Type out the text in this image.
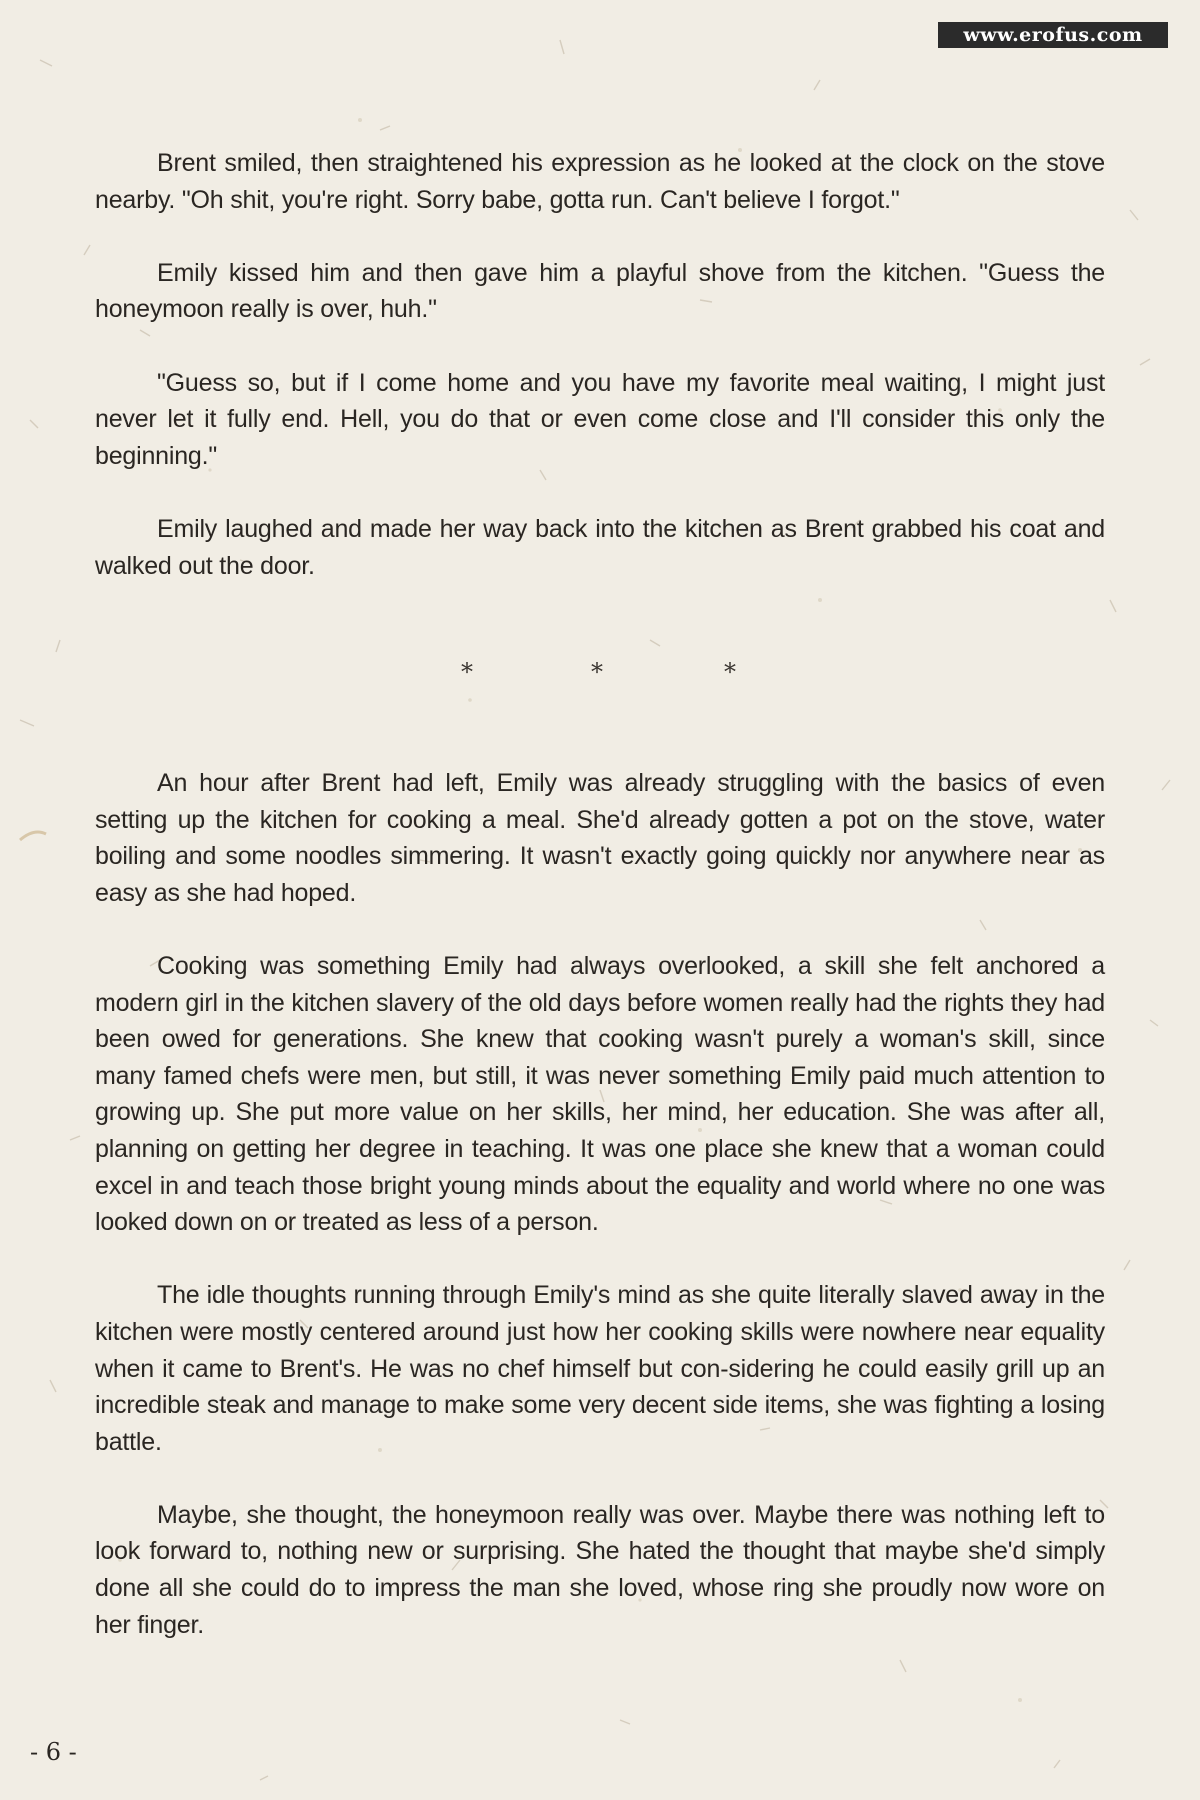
www.erofus.com

Brent smiled, then straightened his expression as he looked at the clock on the stove nearby. "Oh shit, you're right. Sorry babe, gotta run. Can't believe I forgot."

Emily kissed him and then gave him a playful shove from the kitchen. "Guess the honeymoon really is over, huh."

"Guess so, but if I come home and you have my favorite meal waiting, I might just never let it fully end. Hell, you do that or even come close and I'll consider this only the beginning."

Emily laughed and made her way back into the kitchen as Brent grabbed his coat and walked out the door.

*	*	*

An hour after Brent had left, Emily was already struggling with the basics of even setting up the kitchen for cooking a meal. She'd already gotten a pot on the stove, water boiling and some noodles simmering. It wasn't exactly going quickly nor anywhere near as easy as she had hoped.

Cooking was something Emily had always overlooked, a skill she felt anchored a modern girl in the kitchen slavery of the old days before women really had the rights they had been owed for generations. She knew that cooking wasn't purely a woman's skill, since many famed chefs were men, but still, it was never something Emily paid much attention to growing up. She put more value on her skills, her mind, her education. She was after all, planning on getting her degree in teaching. It was one place she knew that a woman could excel in and teach those bright young minds about the equality and world where no one was looked down on or treated as less of a person.

The idle thoughts running through Emily's mind as she quite literally slaved away in the kitchen were mostly centered around just how her cooking skills were nowhere near equality when it came to Brent's. He was no chef himself but con-sidering he could easily grill up an incredible steak and manage to make some very decent side items, she was fighting a losing battle.

Maybe, she thought, the honeymoon really was over. Maybe there was nothing left to look forward to, nothing new or surprising. She hated the thought that maybe she'd simply done all she could do to impress the man she loved, whose ring she proudly now wore on her finger.

- 6 -
